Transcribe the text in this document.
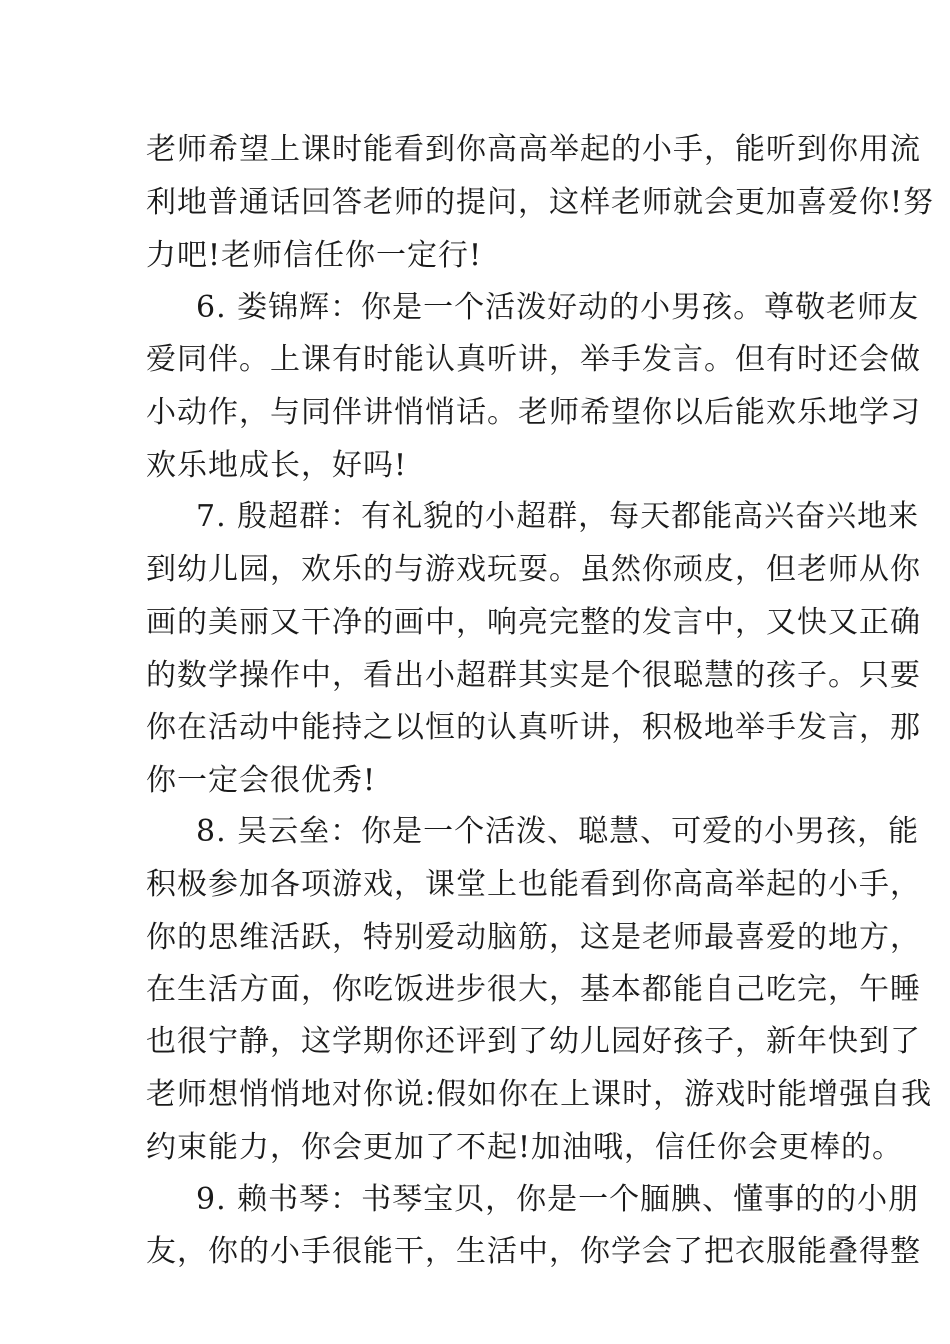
老师希望上课时能看到你高高举起的小手，能听到你用流
利地普通话回答老师的提问，这样老师就会更加喜爱你!努
力吧!老师信任你一定行!
6. 娄锦辉：你是一个活泼好动的小男孩。尊敬老师友
爱同伴。上课有时能认真听讲，举手发言。但有时还会做
小动作，与同伴讲悄悄话。老师希望你以后能欢乐地学习
欢乐地成长，好吗!
7. 殷超群：有礼貌的小超群，每天都能高兴奋兴地来
到幼儿园，欢乐的与游戏玩耍。虽然你顽皮，但老师从你
画的美丽又干净的画中，响亮完整的发言中，又快又正确
的数学操作中，看出小超群其实是个很聪慧的孩子。只要
你在活动中能持之以恒的认真听讲，积极地举手发言，那
你一定会很优秀!
8. 吴云垒：你是一个活泼、聪慧、可爱的小男孩，能
积极参加各项游戏，课堂上也能看到你高高举起的小手，
你的思维活跃，特别爱动脑筋，这是老师最喜爱的地方，
在生活方面，你吃饭进步很大，基本都能自己吃完，午睡
也很宁静，这学期你还评到了幼儿园好孩子，新年快到了
老师想悄悄地对你说:假如你在上课时，游戏时能增强自我
约束能力，你会更加了不起!加油哦，信任你会更棒的。
9. 赖书琴：书琴宝贝，你是一个腼腆、懂事的的小朋
友，你的小手很能干，生活中，你学会了把衣服能叠得整
